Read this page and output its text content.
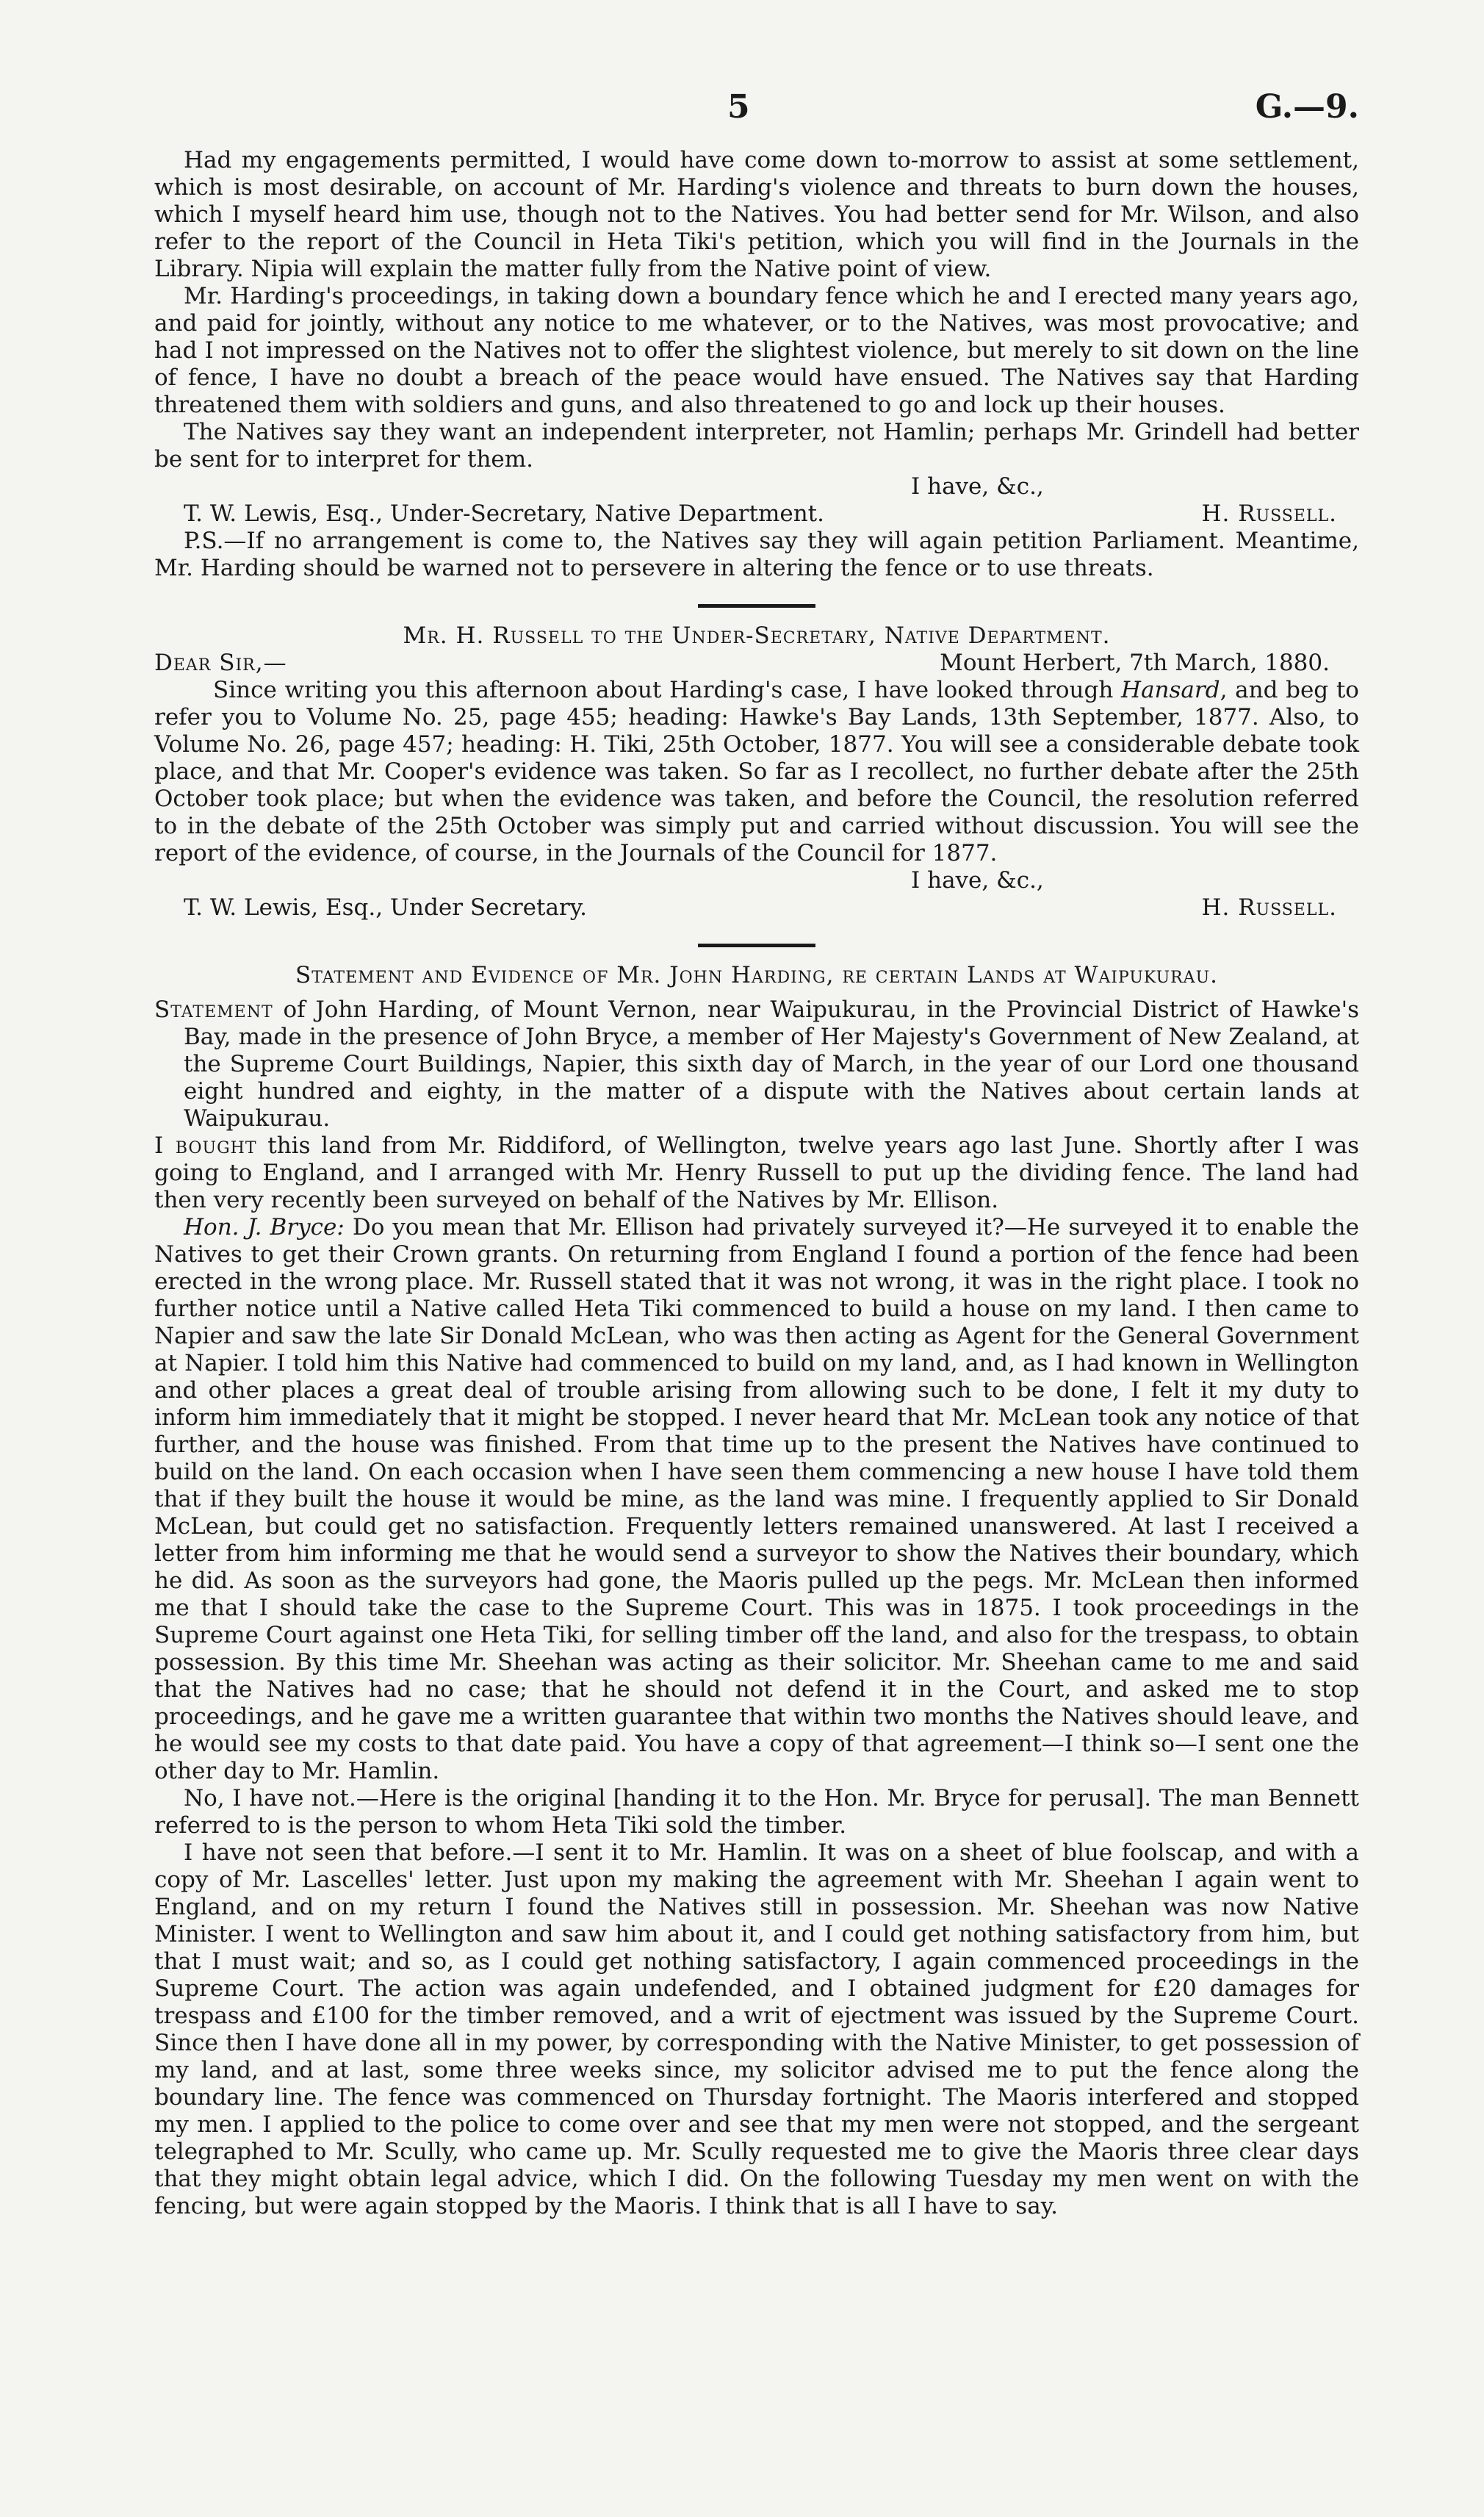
5	G.—9.

Had my engagements permitted, I would have come down to-morrow to assist at some settlement, which is most desirable, on account of Mr. Harding's violence and threats to burn down the houses, which I myself heard him use, though not to the Natives. You had better send for Mr. Wilson, and also refer to the report of the Council in Heta Tiki's petition, which you will find in the Journals in the Library. Nipia will explain the matter fully from the Native point of view.

Mr. Harding's proceedings, in taking down a boundary fence which he and I erected many years ago, and paid for jointly, without any notice to me whatever, or to the Natives, was most provocative; and had I not impressed on the Natives not to offer the slightest violence, but merely to sit down on the line of fence, I have no doubt a breach of the peace would have ensued. The Natives say that Harding threatened them with soldiers and guns, and also threatened to go and lock up their houses.

The Natives say they want an independent interpreter, not Hamlin; perhaps Mr. Grindell had better be sent for to interpret for them.

I have, &c.,
T. W. Lewis, Esq., Under-Secretary, Native Department.	H. Russell.

P.S.—If no arrangement is come to, the Natives say they will again petition Parliament. Meantime, Mr. Harding should be warned not to persevere in altering the fence or to use threats.

Mr. H. Russell to the Under-Secretary, Native Department.
Dear Sir,—	Mount Herbert, 7th March, 1880.

Since writing you this afternoon about Harding's case, I have looked through Hansard, and beg to refer you to Volume No. 25, page 455; heading: Hawke's Bay Lands, 13th September, 1877. Also, to Volume No. 26, page 457; heading: H. Tiki, 25th October, 1877. You will see a considerable debate took place, and that Mr. Cooper's evidence was taken. So far as I recollect, no further debate after the 25th October took place; but when the evidence was taken, and before the Council, the resolution referred to in the debate of the 25th October was simply put and carried without discussion. You will see the report of the evidence, of course, in the Journals of the Council for 1877.

I have, &c.,
T. W. Lewis, Esq., Under Secretary.	H. Russell.
Statement and Evidence of Mr. John Harding, re certain Lands at Waipukurau.

Statement of John Harding, of Mount Vernon, near Waipukurau, in the Provincial District of Hawke's Bay, made in the presence of John Bryce, a member of Her Majesty's Government of New Zealand, at the Supreme Court Buildings, Napier, this sixth day of March, in the year of our Lord one thousand eight hundred and eighty, in the matter of a dispute with the Natives about certain lands at Waipukurau.

I bought this land from Mr. Riddiford, of Wellington, twelve years ago last June. Shortly after I was going to England, and I arranged with Mr. Henry Russell to put up the dividing fence. The land had then very recently been surveyed on behalf of the Natives by Mr. Ellison.

Hon. J. Bryce: Do you mean that Mr. Ellison had privately surveyed it?—He surveyed it to enable the Natives to get their Crown grants. On returning from England I found a portion of the fence had been erected in the wrong place. Mr. Russell stated that it was not wrong, it was in the right place. I took no further notice until a Native called Heta Tiki commenced to build a house on my land. I then came to Napier and saw the late Sir Donald McLean, who was then acting as Agent for the General Government at Napier. I told him this Native had commenced to build on my land, and, as I had known in Wellington and other places a great deal of trouble arising from allowing such to be done, I felt it my duty to inform him immediately that it might be stopped. I never heard that Mr. McLean took any notice of that further, and the house was finished. From that time up to the present the Natives have continued to build on the land. On each occasion when I have seen them commencing a new house I have told them that if they built the house it would be mine, as the land was mine. I frequently applied to Sir Donald McLean, but could get no satisfaction. Frequently letters remained unanswered. At last I received a letter from him informing me that he would send a surveyor to show the Natives their boundary, which he did. As soon as the surveyors had gone, the Maoris pulled up the pegs. Mr. McLean then informed me that I should take the case to the Supreme Court. This was in 1875. I took proceedings in the Supreme Court against one Heta Tiki, for selling timber off the land, and also for the trespass, to obtain possession. By this time Mr. Sheehan was acting as their solicitor. Mr. Sheehan came to me and said that the Natives had no case; that he should not defend it in the Court, and asked me to stop proceedings, and he gave me a written guarantee that within two months the Natives should leave, and he would see my costs to that date paid. You have a copy of that agreement—I think so—I sent one the other day to Mr. Hamlin.

No, I have not.—Here is the original [handing it to the Hon. Mr. Bryce for perusal]. The man Bennett referred to is the person to whom Heta Tiki sold the timber.

I have not seen that before.—I sent it to Mr. Hamlin. It was on a sheet of blue foolscap, and with a copy of Mr. Lascelles' letter. Just upon my making the agreement with Mr. Sheehan I again went to England, and on my return I found the Natives still in possession. Mr. Sheehan was now Native Minister. I went to Wellington and saw him about it, and I could get nothing satisfactory from him, but that I must wait; and so, as I could get nothing satisfactory, I again commenced proceedings in the Supreme Court. The action was again undefended, and I obtained judgment for £20 damages for trespass and £100 for the timber removed, and a writ of ejectment was issued by the Supreme Court. Since then I have done all in my power, by corresponding with the Native Minister, to get possession of my land, and at last, some three weeks since, my solicitor advised me to put the fence along the boundary line. The fence was commenced on Thursday fortnight. The Maoris interfered and stopped my men. I applied to the police to come over and see that my men were not stopped, and the sergeant telegraphed to Mr. Scully, who came up. Mr. Scully requested me to give the Maoris three clear days that they might obtain legal advice, which I did. On the following Tuesday my men went on with the fencing, but were again stopped by the Maoris. I think that is all I have to say.
